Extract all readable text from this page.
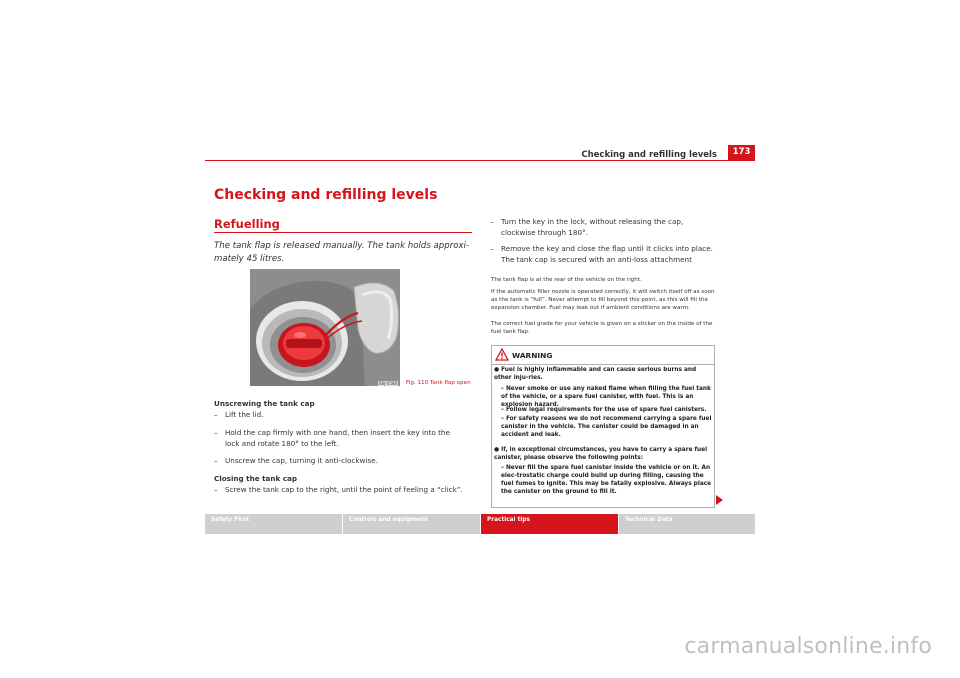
Checking and refilling levels	173
Checking and refilling levels
Refuelling
The tank flap is released manually. The tank holds approxi-mately 45 litres.
B6J-0568 Fig. 110 Tank flap open
Unscrewing the tank cap
– Lift the lid.
– Hold the cap firmly with one hand, then insert the key into the lock and rotate 180° to the left.
– Unscrew the cap, turning it anti-clockwise.
Closing the tank cap
– Screw the tank cap to the right, until the point of feeling a “click”.
– Turn the key in the lock, without releasing the cap, clockwise through 180°.
– Remove the key and close the flap until it clicks into place. The tank cap is secured with an anti-loss attachment
The tank flap is at the rear of the vehicle on the right.
If the automatic filler nozzle is operated correctly, it will switch itself off as soon as the tank is “full”. Never attempt to fill beyond this point, as this will fill the expansion chamber. Fuel may leak out if ambient conditions are warm.
The correct fuel grade for your vehicle is given on a sticker on the inside of the fuel tank flap.
WARNING
● Fuel is highly inflammable and can cause serious burns and other inju-ries.
– Never smoke or use any naked flame when filling the fuel tank of the vehicle, or a spare fuel canister, with fuel. This is an explosion hazard.
– Follow legal requirements for the use of spare fuel canisters.
– For safety reasons we do not recommend carrying a spare fuel canister in the vehicle. The canister could be damaged in an accident and leak.
● If, in exceptional circumstances, you have to carry a spare fuel canister, please observe the following points:
– Never fill the spare fuel canister inside the vehicle or on it. An elec-trostatic charge could build up during filling, causing the fuel fumes to ignite. This may be fatally explosive. Always place the canister on the ground to fill it.
Safety First	Controls and equipment	Practical tips	Technical Data
carmanualsonline.info
